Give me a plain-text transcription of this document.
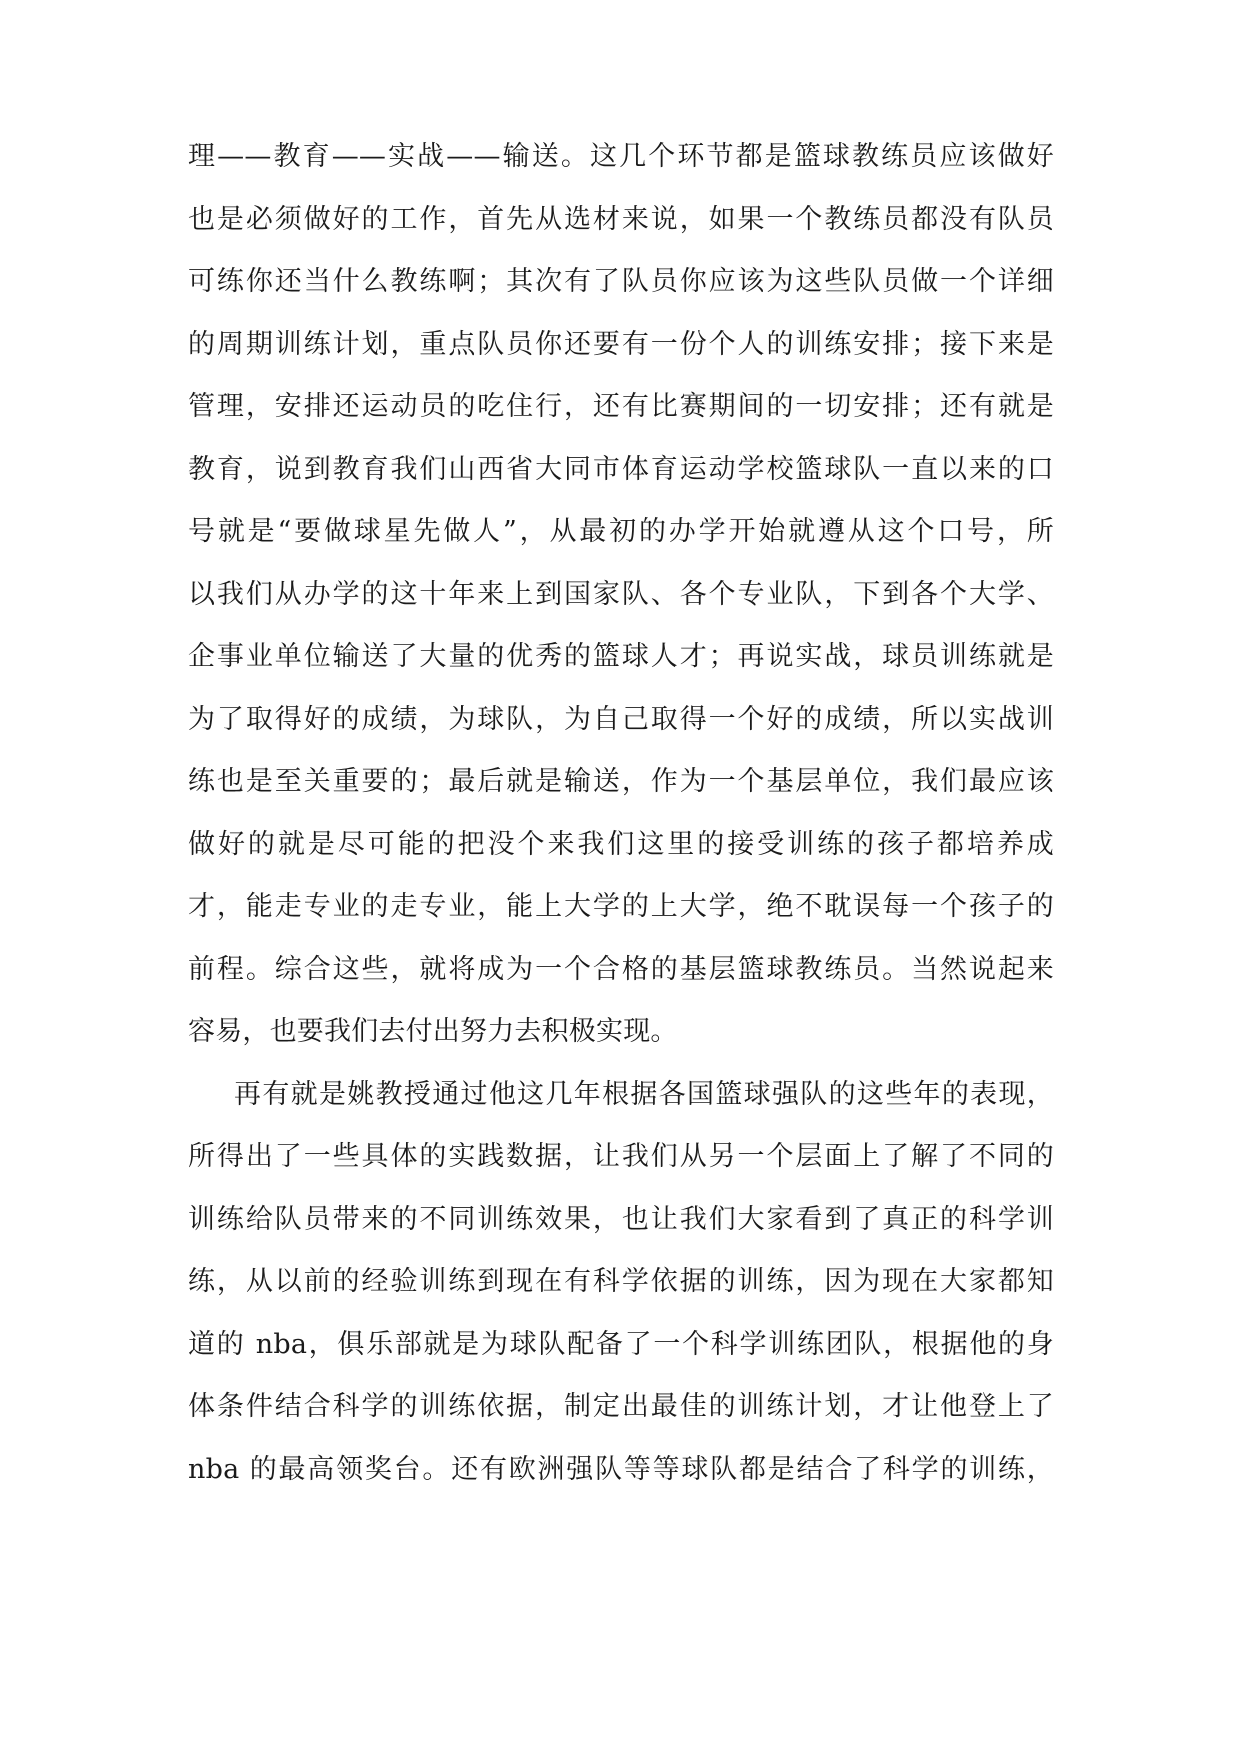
理——教育——实战——输送。这几个环节都是篮球教练员应该做好
也是必须做好的工作，首先从选材来说，如果一个教练员都没有队员
可练你还当什么教练啊；其次有了队员你应该为这些队员做一个详细
的周期训练计划，重点队员你还要有一份个人的训练安排；接下来是
管理，安排还运动员的吃住行，还有比赛期间的一切安排；还有就是
教育，说到教育我们山西省大同市体育运动学校篮球队一直以来的口
号就是“要做球星先做人”，从最初的办学开始就遵从这个口号，所
以我们从办学的这十年来上到国家队、各个专业队，下到各个大学、
企事业单位输送了大量的优秀的篮球人才；再说实战，球员训练就是
为了取得好的成绩，为球队，为自己取得一个好的成绩，所以实战训
练也是至关重要的；最后就是输送，作为一个基层单位，我们最应该
做好的就是尽可能的把没个来我们这里的接受训练的孩子都培养成
才，能走专业的走专业，能上大学的上大学，绝不耽误每一个孩子的
前程。综合这些，就将成为一个合格的基层篮球教练员。当然说起来
容易，也要我们去付出努力去积极实现。
再有就是姚教授通过他这几年根据各国篮球强队的这些年的表现，
所得出了一些具体的实践数据，让我们从另一个层面上了解了不同的
训练给队员带来的不同训练效果，也让我们大家看到了真正的科学训
练，从以前的经验训练到现在有科学依据的训练，因为现在大家都知
道的 nba，俱乐部就是为球队配备了一个科学训练团队，根据他的身
体条件结合科学的训练依据，制定出最佳的训练计划，才让他登上了
nba 的最高领奖台。还有欧洲强队等等球队都是结合了科学的训练，
